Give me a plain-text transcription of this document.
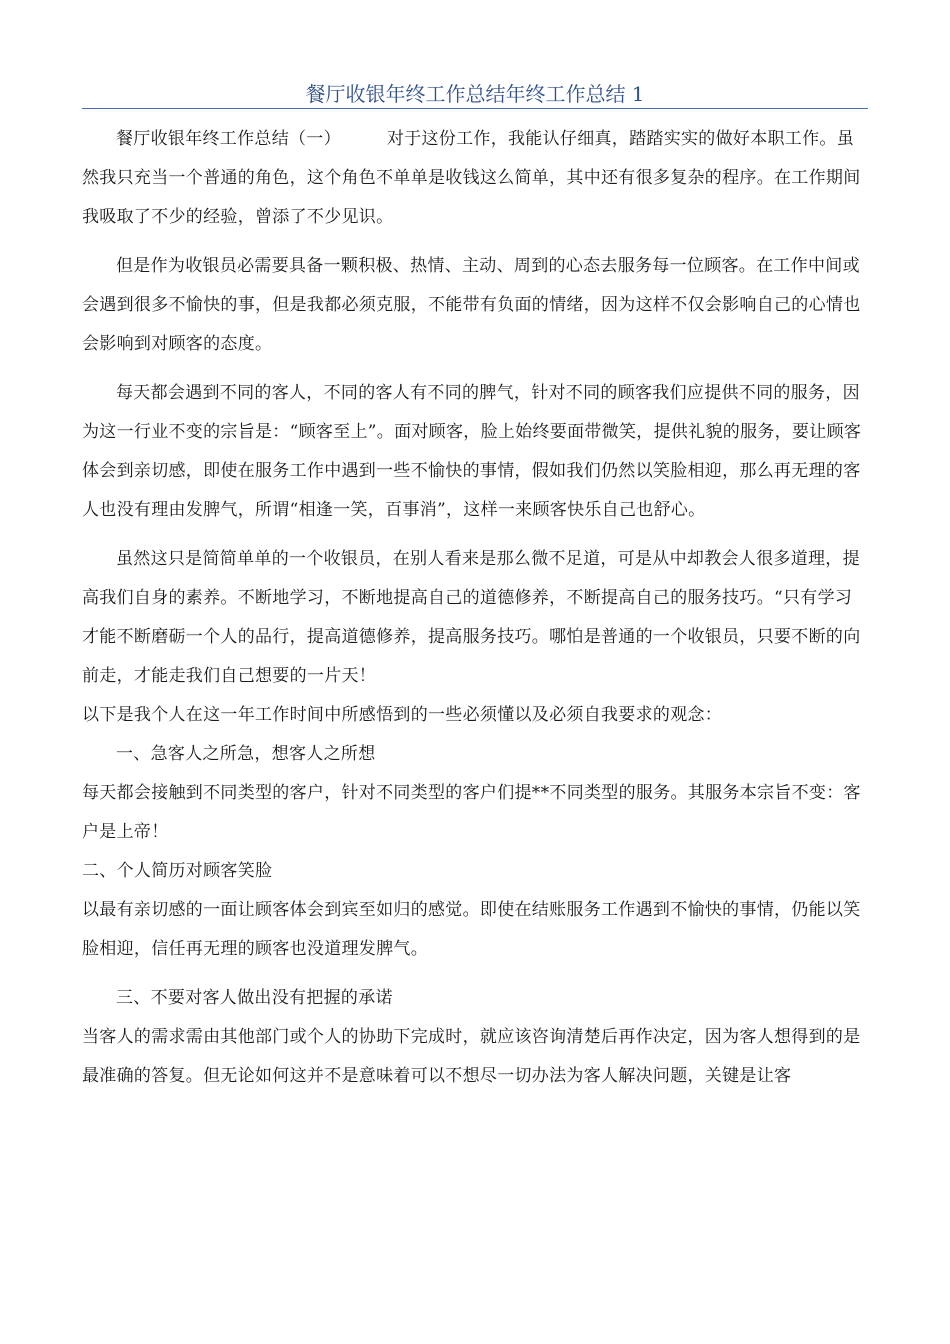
餐厅收银年终工作总结年终工作总结 1

餐厅收银年终工作总结（一）	对于这份工作，我能认仔细真，踏踏实实的做好本职工作。虽然我只充当一个普通的角色，这个角色不单单是收钱这么简单，其中还有很多复杂的程序。在工作期间我吸取了不少的经验，曾添了不少见识。

但是作为收银员必需要具备一颗积极、热情、主动、周到的心态去服务每一位顾客。在工作中间或会遇到很多不愉快的事，但是我都必须克服，不能带有负面的情绪，因为这样不仅会影响自己的心情也会影响到对顾客的态度。

每天都会遇到不同的客人，不同的客人有不同的脾气，针对不同的顾客我们应提供不同的服务，因为这一行业不变的宗旨是：“顾客至上”。面对顾客，脸上始终要面带微笑，提供礼貌的服务，要让顾客体会到亲切感，即使在服务工作中遇到一些不愉快的事情，假如我们仍然以笑脸相迎，那么再无理的客人也没有理由发脾气，所谓“相逢一笑，百事消”，这样一来顾客快乐自己也舒心。

虽然这只是简简单单的一个收银员，在别人看来是那么微不足道，可是从中却教会人很多道理，提高我们自身的素养。不断地学习，不断地提高自己的道德修养，不断提高自己的服务技巧。“只有学习才能不断磨砺一个人的品行，提高道德修养，提高服务技巧。哪怕是普通的一个收银员，只要不断的向前走，才能走我们自己想要的一片天！

以下是我个人在这一年工作时间中所感悟到的一些必须懂以及必须自我要求的观念：

一、急客人之所急，想客人之所想

每天都会接触到不同类型的客户，针对不同类型的客户们提**不同类型的服务。其服务本宗旨不变：客户是上帝！

二、个人简历对顾客笑脸

以最有亲切感的一面让顾客体会到宾至如归的感觉。即使在结账服务工作遇到不愉快的事情，仍能以笑脸相迎，信任再无理的顾客也没道理发脾气。

三、不要对客人做出没有把握的承诺

当客人的需求需由其他部门或个人的协助下完成时，就应该咨询清楚后再作决定，因为客人想得到的是最准确的答复。但无论如何这并不是意味着可以不想尽一切办法为客人解决问题，关键是让客
